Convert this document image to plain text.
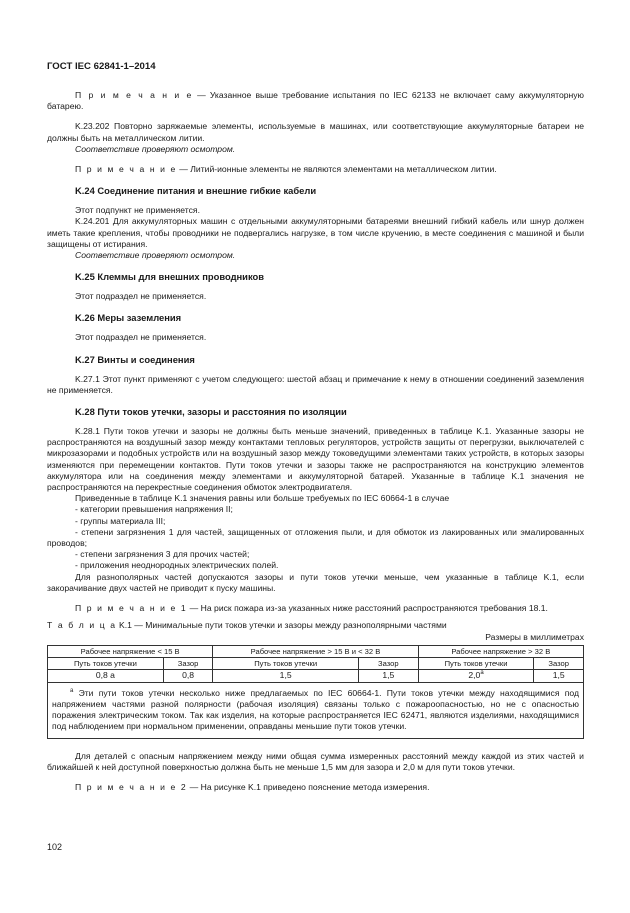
ГОСТ IEC 62841-1–2014

П р и м е ч а н и е — Указанное выше требование испытания по IEC 62133 не включает саму аккумуляторную батарею.

K.23.202 Повторно заряжаемые элементы, используемые в машинах, или соответствующие аккумуляторные батареи не должны быть на металлическом литии.

Соответствие проверяют осмотром.

П р и м е ч а н и е — Литий-ионные элементы не являются элементами на металлическом литии.

K.24 Соединение питания и внешние гибкие кабели

Этот подпункт не применяется.

K.24.201 Для аккумуляторных машин с отдельными аккумуляторными батареями внешний гибкий кабель или шнур должен иметь такие крепления, чтобы проводники не подвергались нагрузке, в том числе кручению, в месте соединения с машиной и были защищены от истирания.

Соответствие проверяют осмотром.

K.25 Клеммы для внешних проводников

Этот подраздел не применяется.

K.26 Меры заземления

Этот подраздел не применяется.

K.27 Винты и соединения

K.27.1 Этот пункт применяют с учетом следующего: шестой абзац и примечание к нему в отношении соединений заземления не применяется.

K.28 Пути токов утечки, зазоры и расстояния по изоляции

K.28.1 Пути токов утечки и зазоры не должны быть меньше значений, приведенных в таблице K.1. Указанные зазоры не распространяются на воздушный зазор между контактами тепловых регуляторов, устройств защиты от перегрузки, выключателей с микрозазорами и подобных устройств или на воздушный зазор между токоведущими элементами таких устройств, в которых зазоры изменяются при перемещении контактов. Пути токов утечки и зазоры также не распространяются на конструкцию элементов аккумулятора или на соединения между элементами и аккумуляторной батарей. Указанные в таблице K.1 значения не распространяются на перекрестные соединения обмоток электродвигателя.

Приведенные в таблице K.1 значения равны или больше требуемых по IEC 60664-1 в случае

- категории превышения напряжения II;

- группы материала III;

- степени загрязнения 1 для частей, защищенных от отложения пыли, и для обмоток из лакированных или эмалированных проводов;

- степени загрязнения 3 для прочих частей;

- приложения неоднородных электрических полей.

Для разнополярных частей допускаются зазоры и пути токов утечки меньше, чем указанные в таблице K.1, если закорачивание двух частей не приводит к пуску машины.

П р и м е ч а н и е 1 — На риск пожара из-за указанных ниже расстояний распространяются требования 18.1.

Т а б л и ц а K.1 — Минимальные пути токов утечки и зазоры между разнополярными частями

Размеры в миллиметрах

Рабочее напряжение < 15 В		Рабочее напряжение > 15 В и < 32 В		Рабочее напряжение > 32 В	
Путь токов утечки	Зазор	Путь токов утечки	Зазор	Путь токов утечки	Зазор
0,8 a	0,8	1,5	1,5	2,0$^a$	1,5
$^a$ Эти пути токов утечки несколько ниже предлагаемых по IEC 60664-1. Пути токов утечки между находящимися под напряжением частями разной полярности (рабочая изоляция) связаны только с пожароопасностью, но не с опасностью поражения электрическим током. Так как изделия, на которые распространяется IEC 62471, являются изделиями, находящимися под наблюдением при нормальном применении, оправданы меньшие пути токов утечки.					

Для деталей с опасным напряжением между ними общая сумма измеренных расстояний между каждой из этих частей и ближайшей к ней доступной поверхностью должна быть не меньше 1,5 мм для зазора и 2,0 м для пути токов утечки.

П р и м е ч а н и е 2 — На рисунке K.1 приведено пояснение метода измерения.

102
